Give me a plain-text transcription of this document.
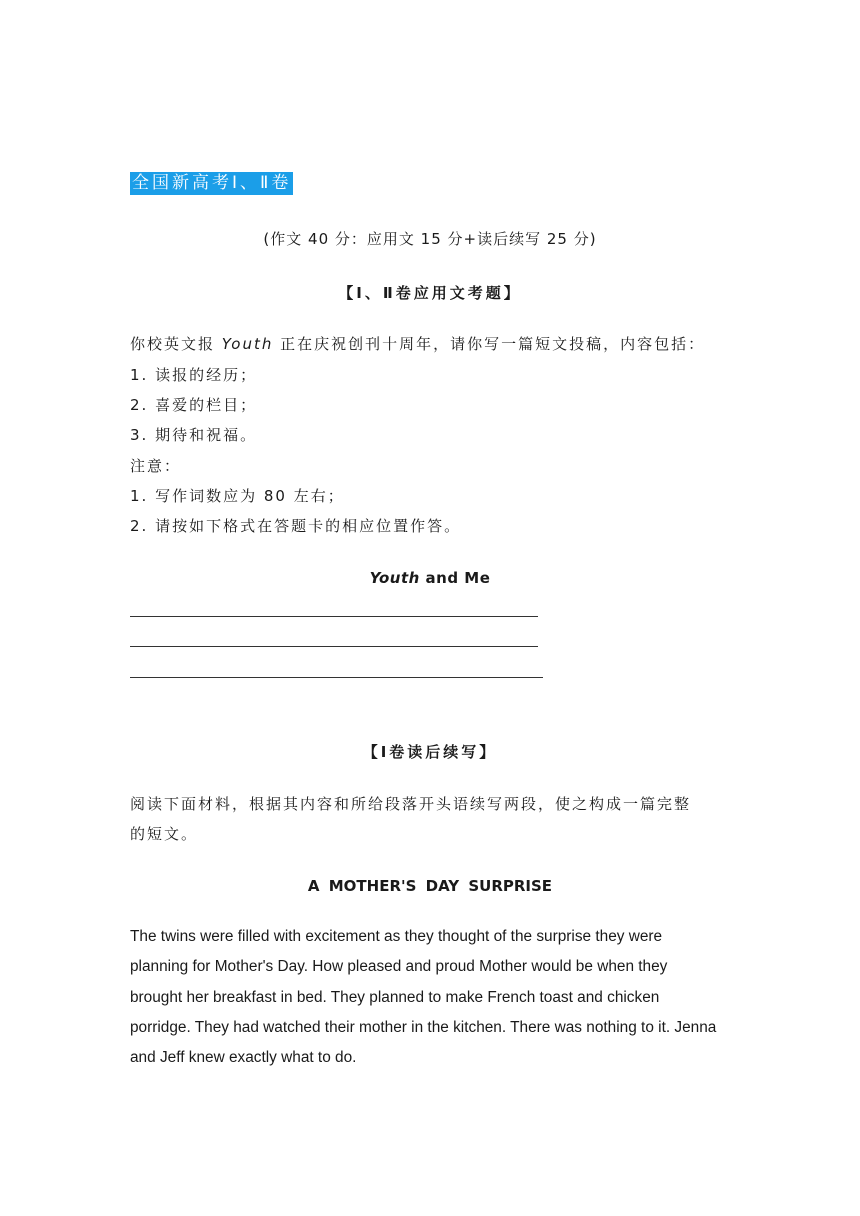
全国新高考Ⅰ、Ⅱ卷
(作文 40 分：应用文 15 分+读后续写 25 分)
【Ⅰ、Ⅱ卷应用文考题】
你校英文报 Youth 正在庆祝创刊十周年，请你写一篇短文投稿，内容包括：
1. 读报的经历；
2. 喜爱的栏目；
3. 期待和祝福。
注意：
1. 写作词数应为 80 左右；
2. 请按如下格式在答题卡的相应位置作答。
Youth and Me
【Ⅰ卷读后续写】
阅读下面材料，根据其内容和所给段落开头语续写两段，使之构成一篇完整
的短文。
A MOTHER'S DAY SURPRISE

The twins were filled with excitement as they thought of the surprise they were

planning for Mother's Day. How pleased and proud Mother would be when they

brought her breakfast in bed. They planned to make French toast and chicken

porridge. They had watched their mother in the kitchen. There was nothing to it. Jenna

and Jeff knew exactly what to do.
